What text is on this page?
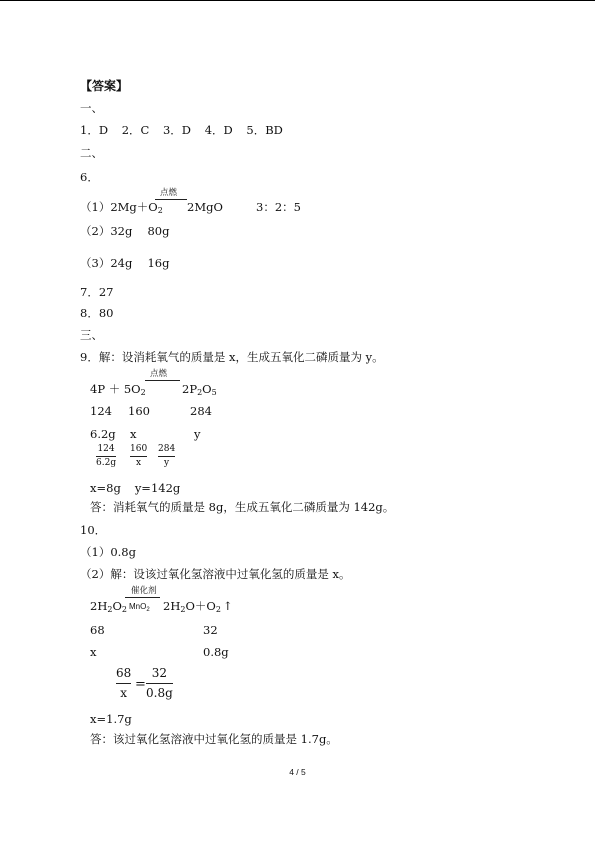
【答案】
一、
1．D 2．C 3．D 4．D 5．BD
二、
6．
点燃
（1）2Mg＋O2 2MgO	3：2：5
（2）32g　 80g
（3）24g　 16g
7．27
8．80
三、
9．解：设消耗氧气的质量是 x，生成五氧化二磷质量为 y。
点燃
4P ＋ 5O2	2P2O5
124 160	284
6.2g x	y
124
6.2g
160
x
284
y
x=8g y=142g
答：消耗氧气的质量是 8g，生成五氧化二磷质量为 142g。
10．
（1）0.8g
（2）解：设该过氧化氢溶液中过氧化氢的质量是 x。
催化剂
2H2O2 MnO$_2$ 2H2O＋O2 ↑
68	32
x	0.8g
68
x
=
32
0.8g
x=1.7g
答：该过氧化氢溶液中过氧化氢的质量是 1.7g。
4 / 5
